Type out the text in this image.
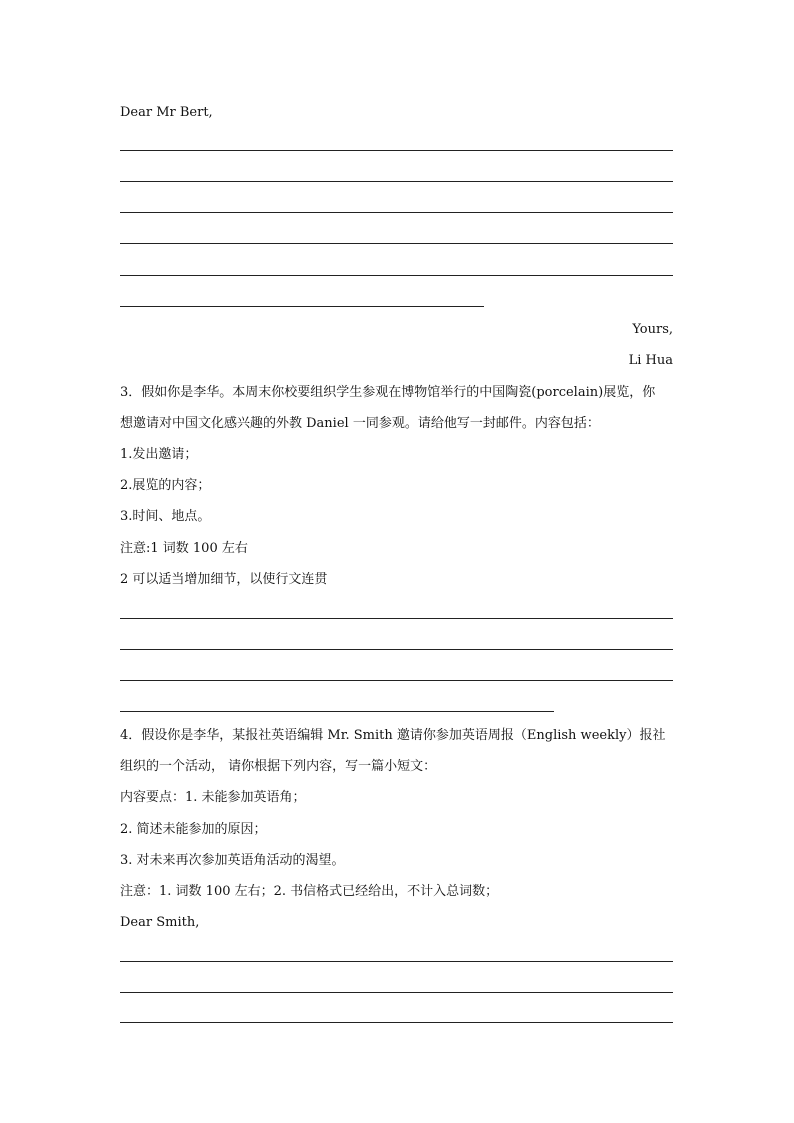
Dear Mr Bert,
Yours,
Li Hua
3．假如你是李华。本周末你校要组织学生参观在博物馆举行的中国陶瓷(porcelain)展览，你
想邀请对中国文化感兴趣的外教 Daniel 一同参观。请给他写一封邮件。内容包括：
1.发出邀请；
2.展览的内容；
3.时间、地点。
注意:1 词数 100 左右
2 可以适当增加细节，以使行文连贯
4．假设你是李华，某报社英语编辑 Mr. Smith 邀请你参加英语周报（English weekly）报社
组织的一个活动， 请你根据下列内容，写一篇小短文：
内容要点：1. 未能参加英语角；
2. 简述未能参加的原因；
3. 对未来再次参加英语角活动的渴望。
注意：1. 词数 100 左右；2. 书信格式已经给出，不计入总词数；
Dear Smith,
